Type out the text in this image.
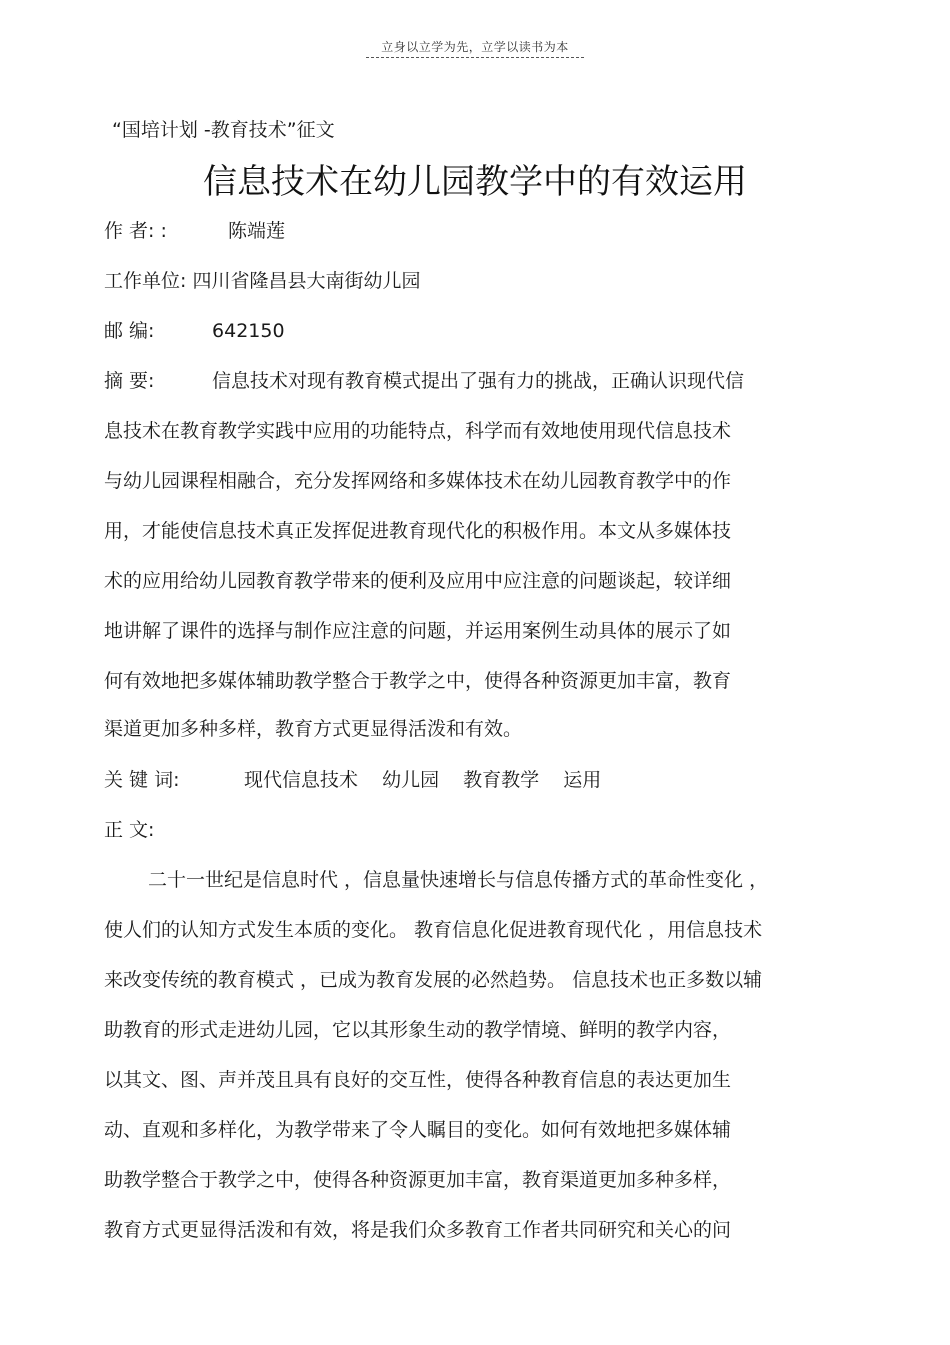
立身以立学为先，立学以读书为本
“国培计划 -教育技术”征文
信息技术在幼儿园教学中的有效运用
作 者: :	陈端莲
工作单位: 四川省隆昌县大南街幼儿园
邮 编:	642150
摘 要:	信息技术对现有教育模式提出了强有力的挑战，正确认识现代信
息技术在教育教学实践中应用的功能特点，科学而有效地使用现代信息技术
与幼儿园课程相融合，充分发挥网络和多媒体技术在幼儿园教育教学中的作
用，才能使信息技术真正发挥促进教育现代化的积极作用。本文从多媒体技
术的应用给幼儿园教育教学带来的便利及应用中应注意的问题谈起，较详细
地讲解了课件的选择与制作应注意的问题，并运用案例生动具体的展示了如
何有效地把多媒体辅助教学整合于教学之中，使得各种资源更加丰富，教育
渠道更加多种多样，教育方式更显得活泼和有效。
关 键 词:	现代信息技术 幼儿园 教育教学 运用
正 文:
二十一世纪是信息时代 ，信息量快速增长与信息传播方式的革命性变化 ，
使人们的认知方式发生本质的变化。 教育信息化促进教育现代化 ，用信息技术
来改变传统的教育模式 ，已成为教育发展的必然趋势。 信息技术也正多数以辅
助教育的形式走进幼儿园，它以其形象生动的教学情境、鲜明的教学内容，
以其文、图、声并茂且具有良好的交互性，使得各种教育信息的表达更加生
动、直观和多样化，为教学带来了令人瞩目的变化。如何有效地把多媒体辅
助教学整合于教学之中，使得各种资源更加丰富，教育渠道更加多种多样，
教育方式更显得活泼和有效，将是我们众多教育工作者共同研究和关心的问
